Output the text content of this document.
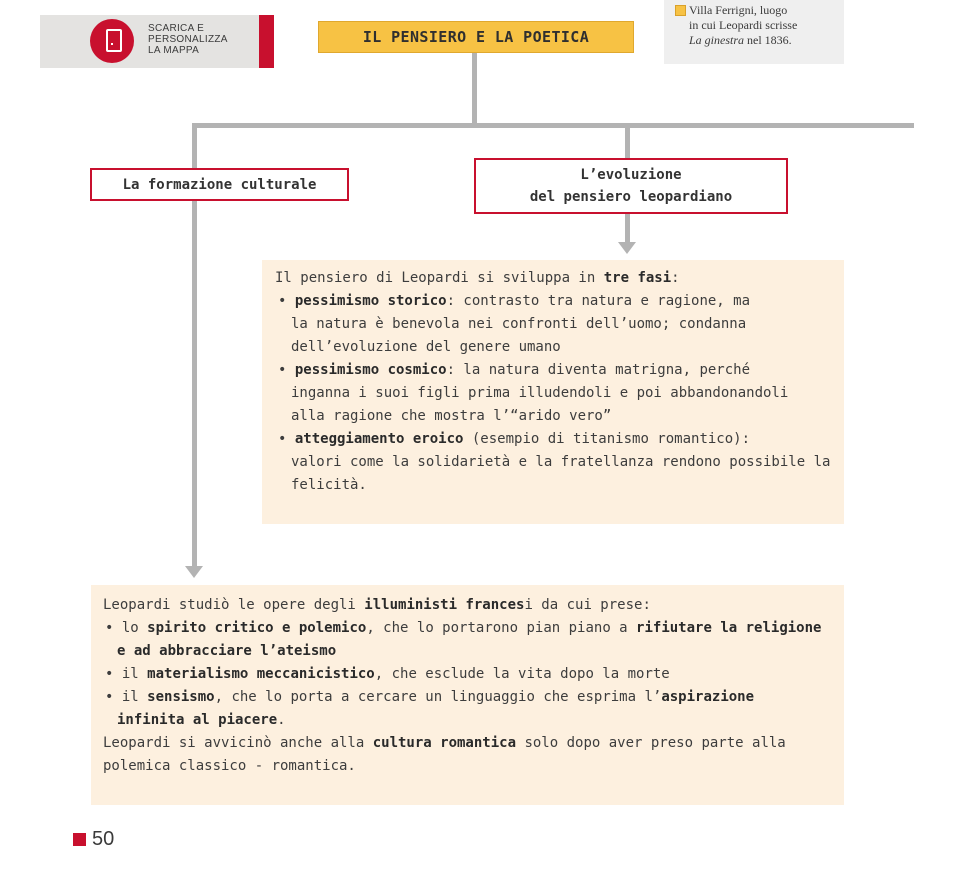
SCARICA E
PERSONALIZZA
LA MAPPA

IL PENSIERO E LA POETICA
Villa Ferrigni, luogo
in cui Leopardi scrisse
La ginestra nel 1836.
La formazione culturale
L’evoluzione
del pensiero leopardiano

Il pensiero di Leopardi si sviluppa in tre fasi:

• pessimismo storico: contrasto tra natura e ragione, ma
la natura è benevola nei confronti dell’uomo; condanna
dell’evoluzione del genere umano

• pessimismo cosmico: la natura diventa matrigna, perché
inganna i suoi figli prima illudendoli e poi abbandonandoli
alla ragione che mostra l’“arido vero”

• atteggiamento eroico (esempio di titanismo romantico):
valori come la solidarietà e la fratellanza rendono possibile la
felicità.

Leopardi studiò le opere degli illuministi francesi da cui prese:

• lo spirito critico e polemico, che lo portarono pian piano a rifiutare la religione
e ad abbracciare l’ateismo

• il materialismo meccanicistico, che esclude la vita dopo la morte

• il sensismo, che lo porta a cercare un linguaggio che esprima l’aspirazione
infinita al piacere.

Leopardi si avvicinò anche alla cultura romantica solo dopo aver preso parte alla
polemica classico - romantica.

50
